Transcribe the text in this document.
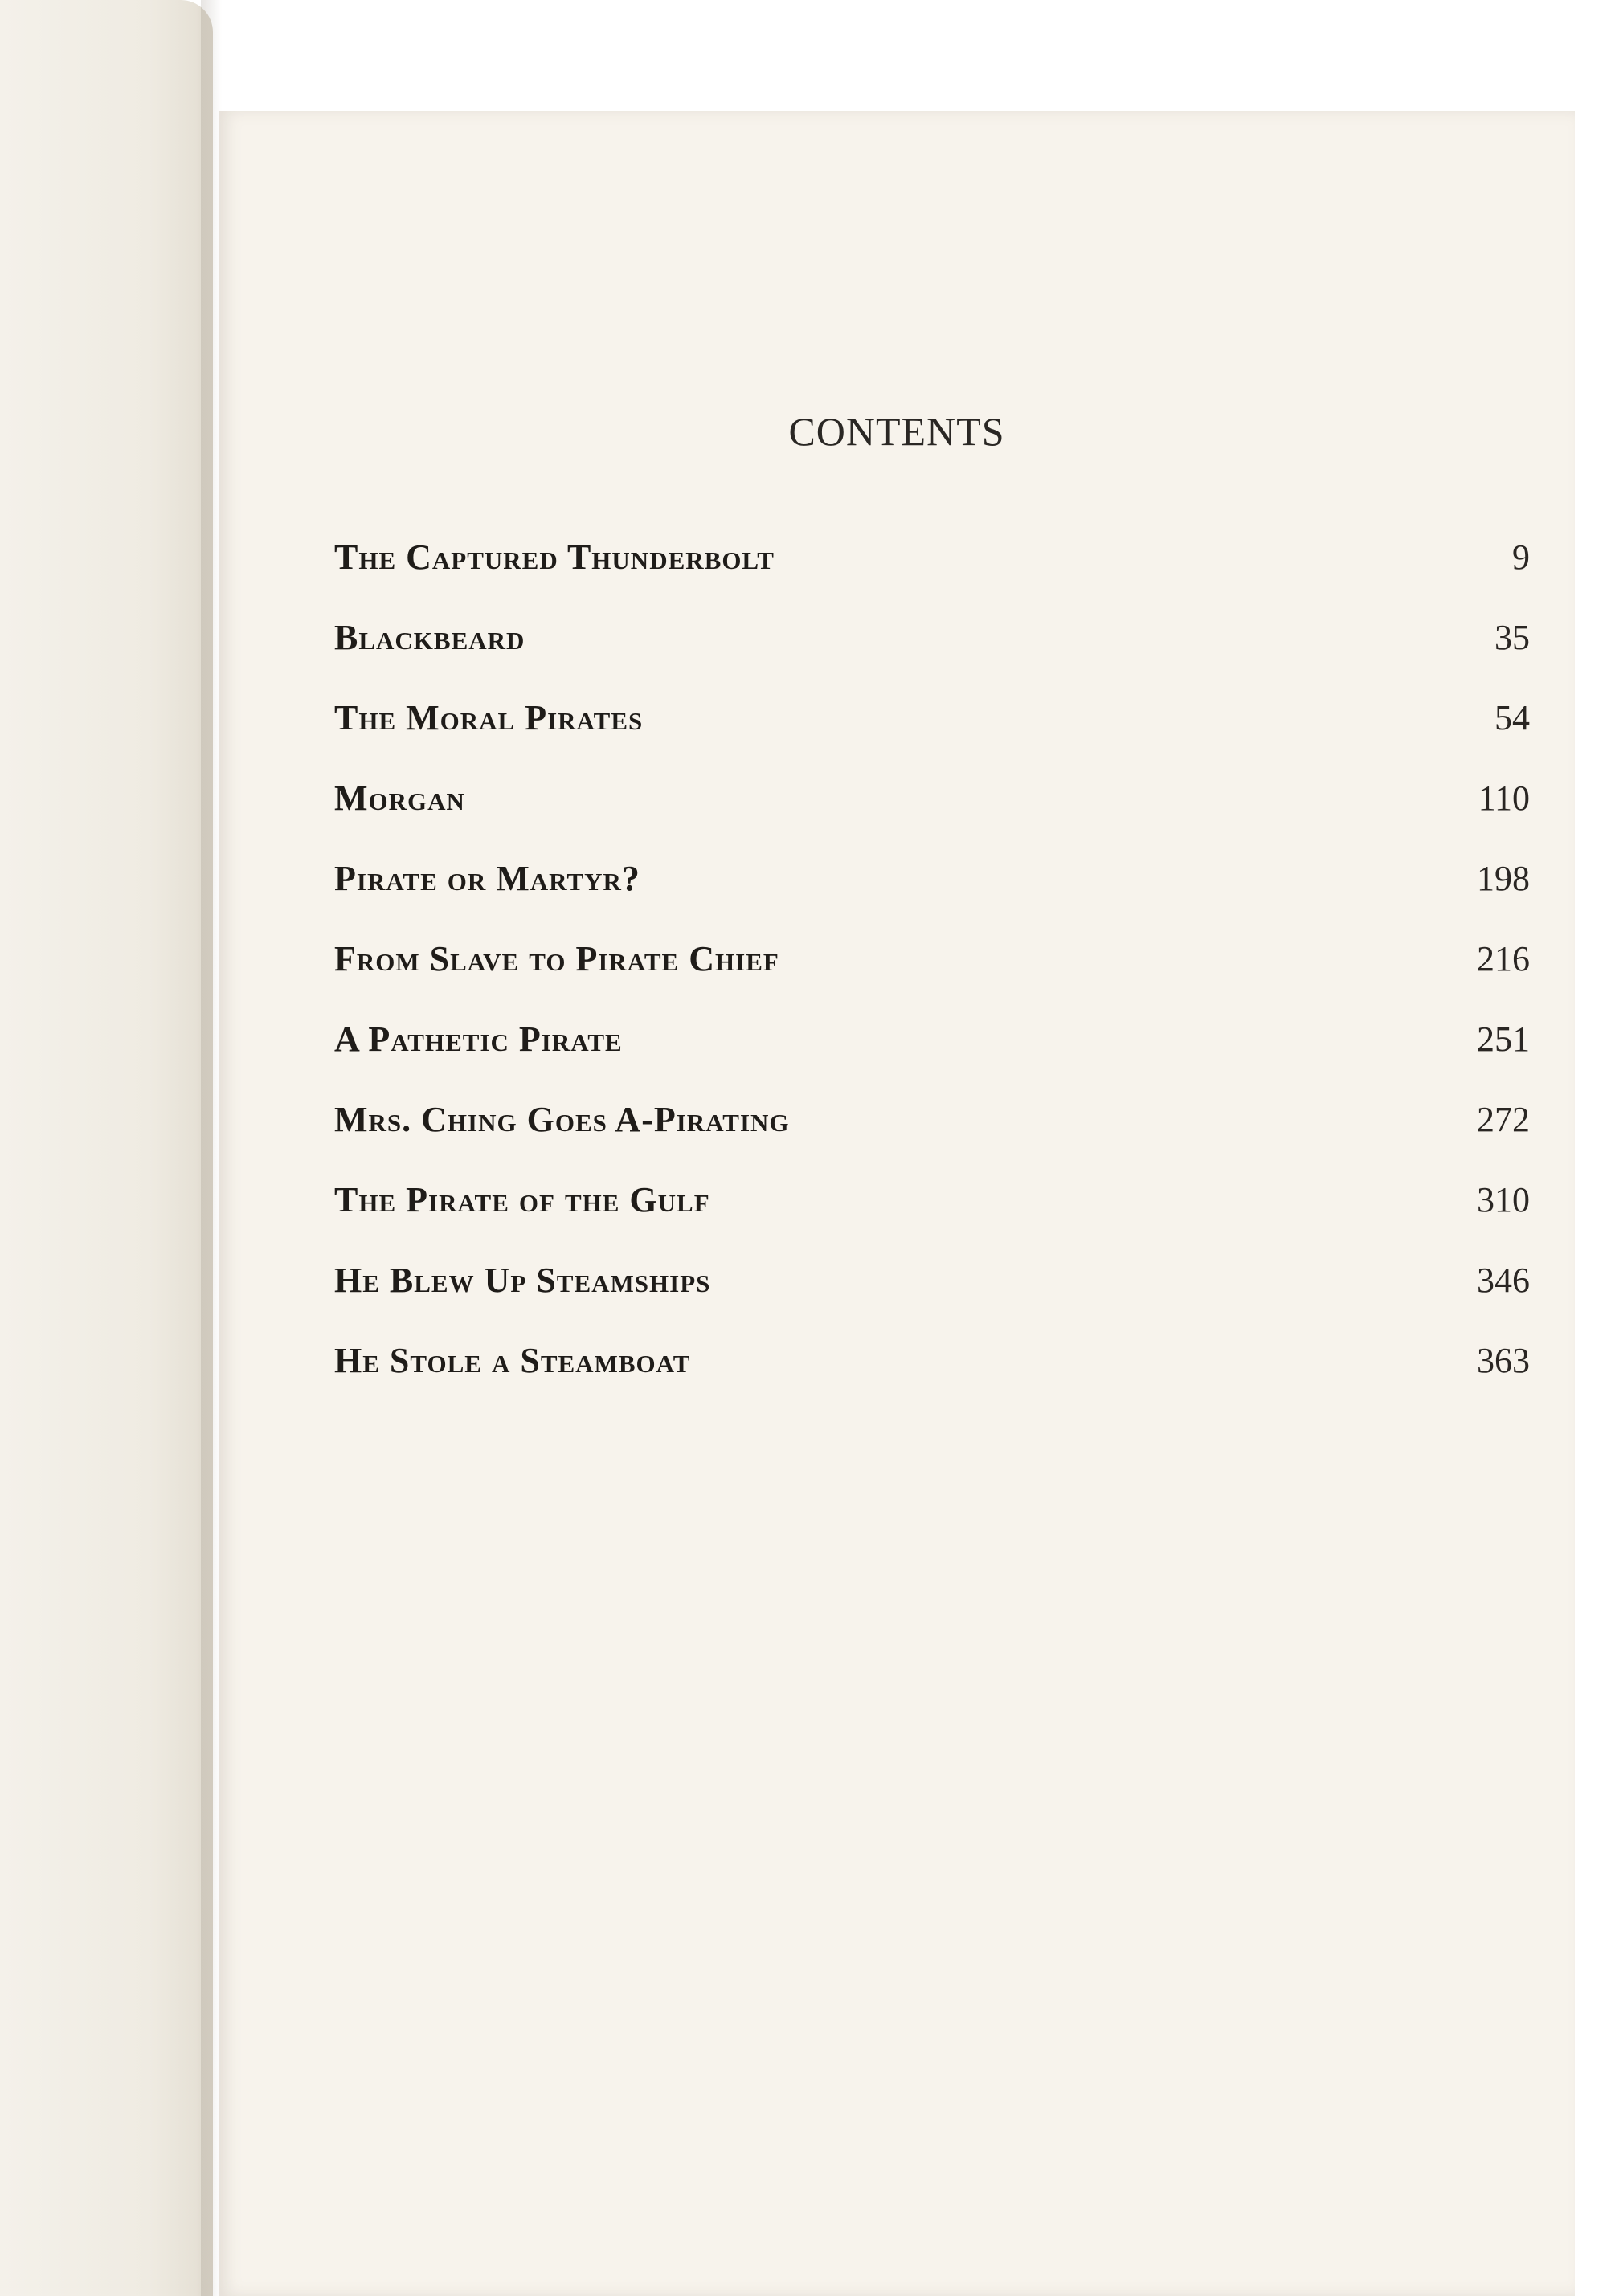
CONTENTS
The Captured Thunderbolt	9
Blackbeard	35
The Moral Pirates	54
Morgan	110
Pirate or Martyr?	198
From Slave to Pirate Chief	216
A Pathetic Pirate	251
Mrs. Ching Goes A-Pirating	272
The Pirate of the Gulf	310
He Blew Up Steamships	346
He Stole a Steamboat	363
